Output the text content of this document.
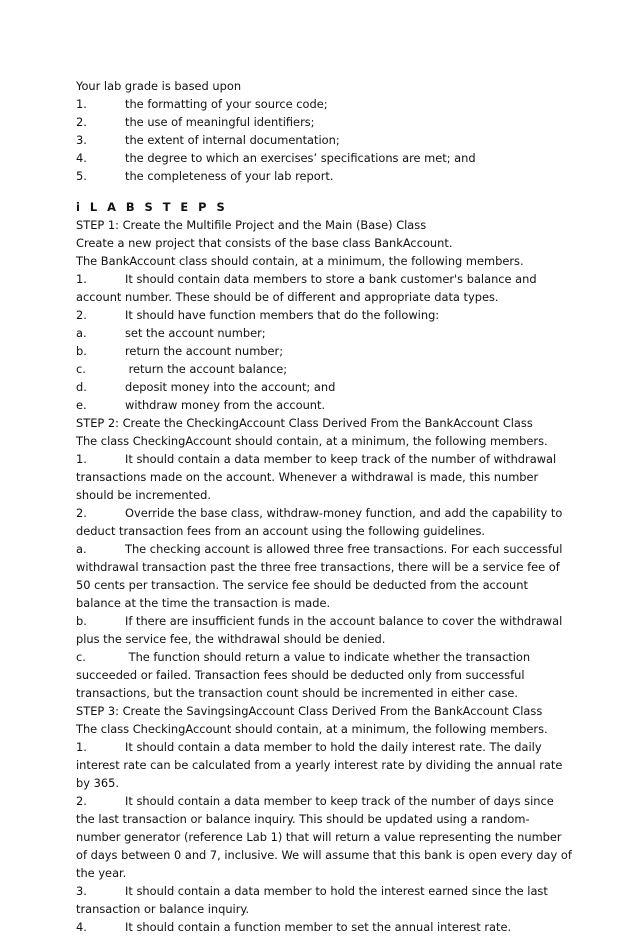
Your lab grade is based upon
1.	the formatting of your source code;
2.	the use of meaningful identifiers;
3.	the extent of internal documentation;
4.	the degree to which an exercises’ specifications are met; and
5.	the completeness of your lab report.
i L A B S T E P S
STEP 1: Create the Multifile Project and the Main (Base) Class
Create a new project that consists of the base class BankAccount.
The BankAccount class should contain, at a minimum, the following members.
1.	It should contain data members to store a bank customer's balance and account number. These should be of different and appropriate data types.
2.	It should have function members that do the following:
a.	set the account number;
b.	return the account number;
c.	return the account balance;
d.	deposit money into the account; and
e.	withdraw money from the account.
STEP 2: Create the CheckingAccount Class Derived From the BankAccount Class
The class CheckingAccount should contain, at a minimum, the following members.
1.	It should contain a data member to keep track of the number of withdrawal transactions made on the account. Whenever a withdrawal is made, this number should be incremented.
2.	Override the base class, withdraw-money function, and add the capability to deduct transaction fees from an account using the following guidelines.
a.	The checking account is allowed three free transactions. For each successful withdrawal transaction past the three free transactions, there will be a service fee of 50 cents per transaction. The service fee should be deducted from the account balance at the time the transaction is made.
b.	If there are insufficient funds in the account balance to cover the withdrawal plus the service fee, the withdrawal should be denied.
c.	The function should return a value to indicate whether the transaction succeeded or failed. Transaction fees should be deducted only from successful transactions, but the transaction count should be incremented in either case.
STEP 3: Create the SavingsingAccount Class Derived From the BankAccount Class
The class CheckingAccount should contain, at a minimum, the following members.
1.	It should contain a data member to hold the daily interest rate. The daily interest rate can be calculated from a yearly interest rate by dividing the annual rate by 365.
2.	It should contain a data member to keep track of the number of days since the last transaction or balance inquiry. This should be updated using a random-number generator (reference Lab 1) that will return a value representing the number of days between 0 and 7, inclusive. We will assume that this bank is open every day of the year.
3.	It should contain a data member to hold the interest earned since the last transaction or balance inquiry.
4.	It should contain a function member to set the annual interest rate.
